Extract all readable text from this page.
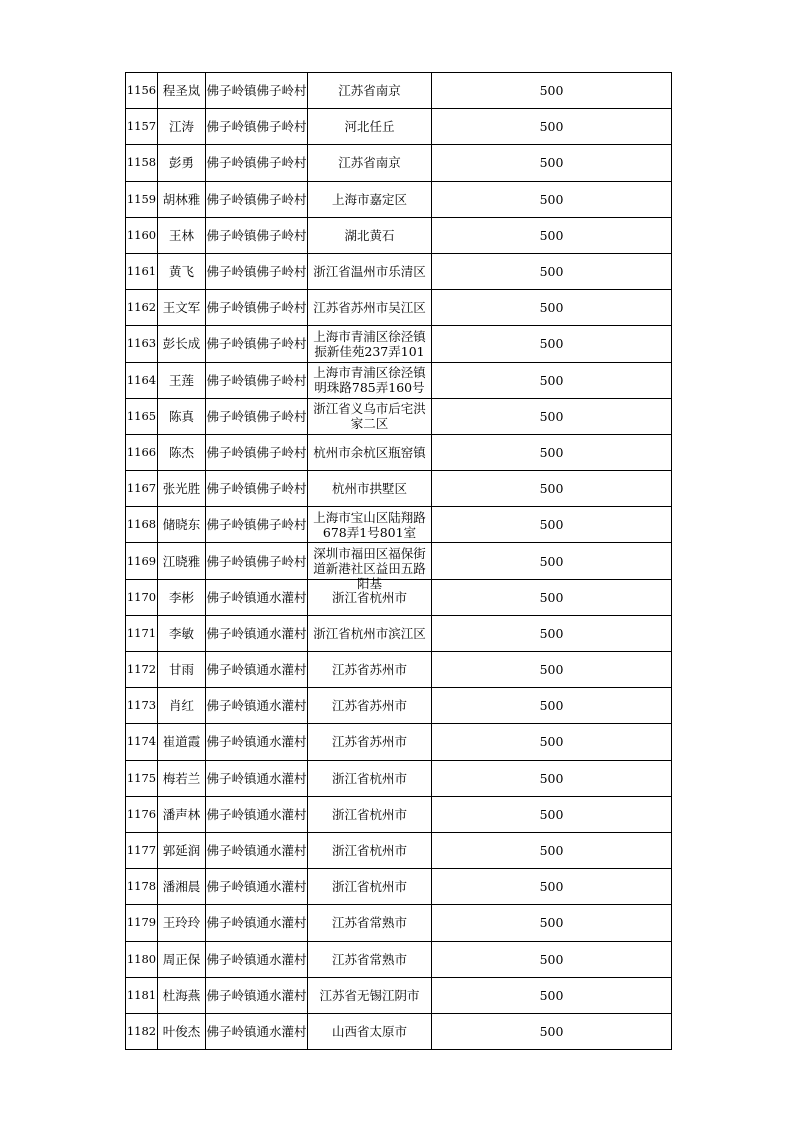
1156	程圣岚	佛子岭镇佛子岭村	江苏省南京	500
1157	江涛	佛子岭镇佛子岭村	河北任丘	500
1158	彭勇	佛子岭镇佛子岭村	江苏省南京	500
1159	胡林雅	佛子岭镇佛子岭村	上海市嘉定区	500
1160	王林	佛子岭镇佛子岭村	湖北黄石	500
1161	黄飞	佛子岭镇佛子岭村	浙江省温州市乐清区	500
1162	王文军	佛子岭镇佛子岭村	江苏省苏州市吴江区	500
1163	彭长成	佛子岭镇佛子岭村	上海市青浦区徐泾镇振新佳苑237弄101	500
1164	王莲	佛子岭镇佛子岭村	上海市青浦区徐泾镇明珠路785弄160号	500
1165	陈真	佛子岭镇佛子岭村	浙江省义乌市后宅洪家二区	500
1166	陈杰	佛子岭镇佛子岭村	杭州市余杭区瓶窑镇	500
1167	张光胜	佛子岭镇佛子岭村	杭州市拱墅区	500
1168	储晓东	佛子岭镇佛子岭村	上海市宝山区陆翔路678弄1号801室	500
1169	江晓雅	佛子岭镇佛子岭村	深圳市福田区福保街道新港社区益田五路阳基	500
1170	李彬	佛子岭镇通水灌村	浙江省杭州市	500
1171	李敏	佛子岭镇通水灌村	浙江省杭州市滨江区	500
1172	甘雨	佛子岭镇通水灌村	江苏省苏州市	500
1173	肖红	佛子岭镇通水灌村	江苏省苏州市	500
1174	崔道霞	佛子岭镇通水灌村	江苏省苏州市	500
1175	梅若兰	佛子岭镇通水灌村	浙江省杭州市	500
1176	潘声林	佛子岭镇通水灌村	浙江省杭州市	500
1177	郭延润	佛子岭镇通水灌村	浙江省杭州市	500
1178	潘湘晨	佛子岭镇通水灌村	浙江省杭州市	500
1179	王玲玲	佛子岭镇通水灌村	江苏省常熟市	500
1180	周正保	佛子岭镇通水灌村	江苏省常熟市	500
1181	杜海燕	佛子岭镇通水灌村	江苏省无锡江阴市	500
1182	叶俊杰	佛子岭镇通水灌村	山西省太原市	500
